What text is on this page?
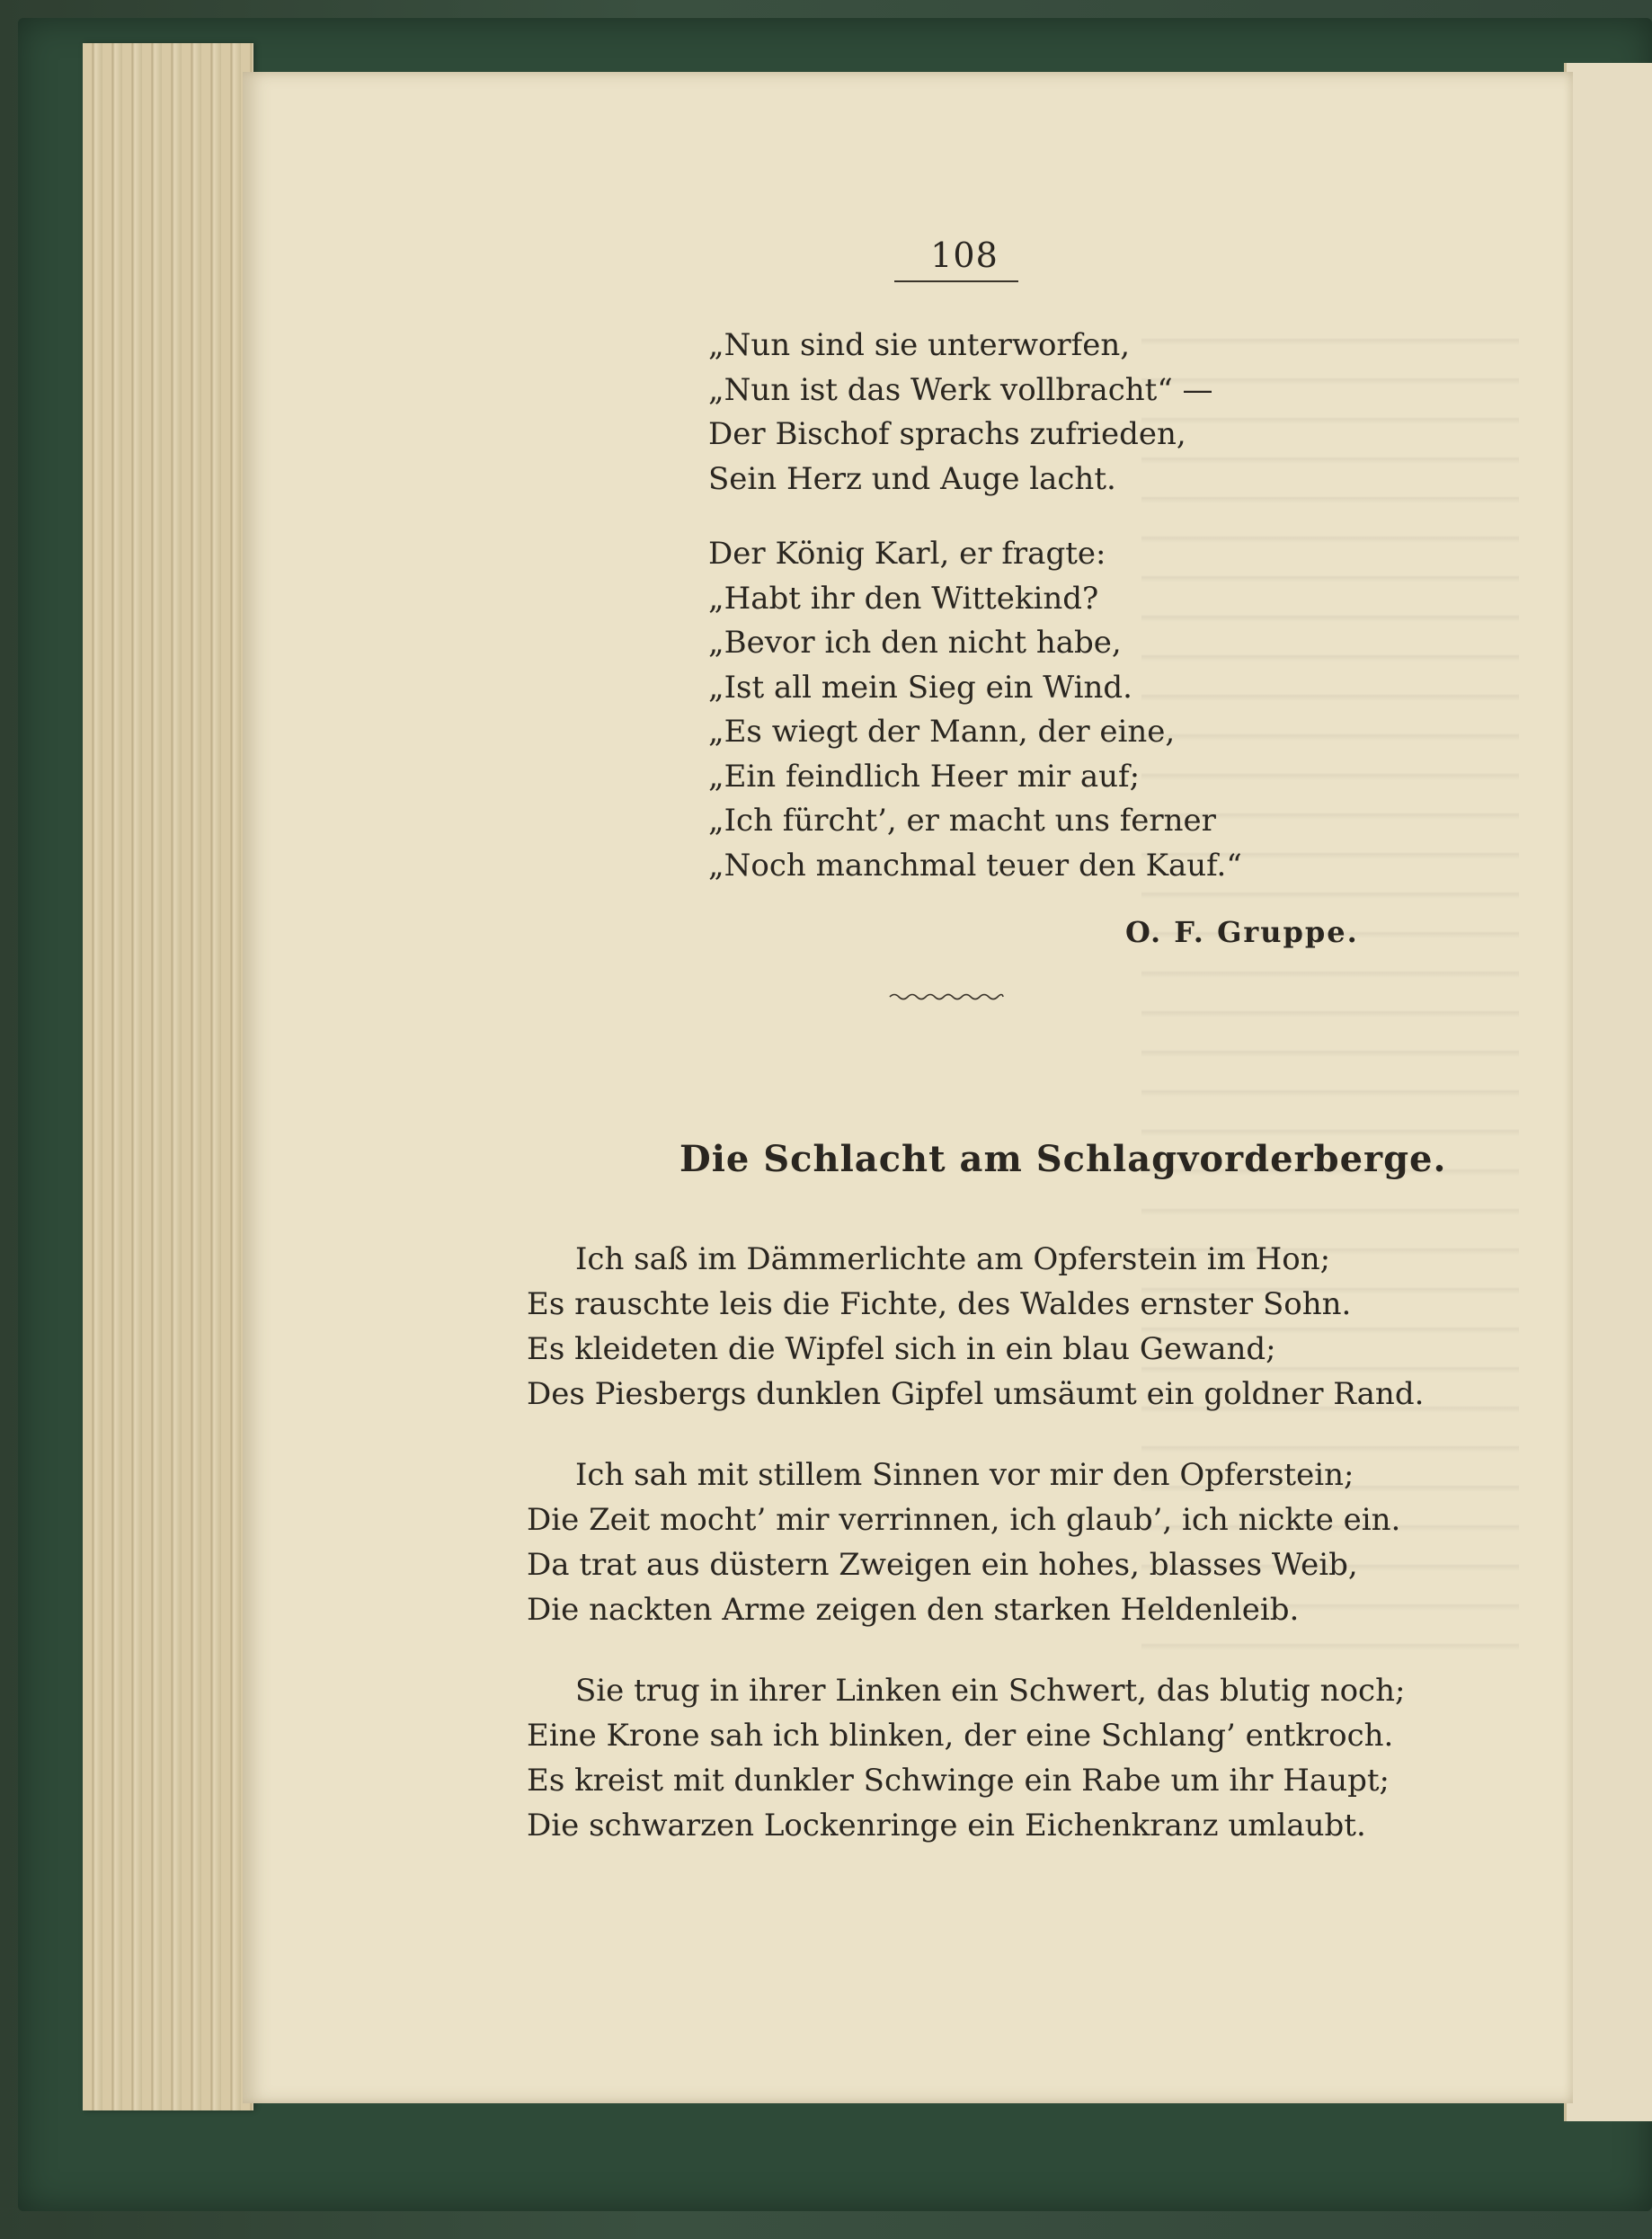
108
„Nun sind sie unterworfen,
„Nun ist das Werk vollbracht“ —
Der Bischof sprachs zufrieden,
Sein Herz und Auge lacht.
Der König Karl, er fragte:
„Habt ihr den Wittekind?
„Bevor ich den nicht habe,
„Ist all mein Sieg ein Wind.
„Es wiegt der Mann, der eine,
„Ein feindlich Heer mir auf;
„Ich fürcht’, er macht uns ferner
„Noch manchmal teuer den Kauf.“
O. F. Gruppe.
Die Schlacht am Schlagvorderberge.
Ich saß im Dämmerlichte am Opferstein im Hon;
Es rauschte leis die Fichte, des Waldes ernster Sohn.
Es kleideten die Wipfel sich in ein blau Gewand;
Des Piesbergs dunklen Gipfel umsäumt ein goldner Rand.
Ich sah mit stillem Sinnen vor mir den Opferstein;
Die Zeit mocht’ mir verrinnen, ich glaub’, ich nickte ein.
Da trat aus düstern Zweigen ein hohes, blasses Weib,
Die nackten Arme zeigen den starken Heldenleib.
Sie trug in ihrer Linken ein Schwert, das blutig noch;
Eine Krone sah ich blinken, der eine Schlang’ entkroch.
Es kreist mit dunkler Schwinge ein Rabe um ihr Haupt;
Die schwarzen Lockenringe ein Eichenkranz umlaubt.
